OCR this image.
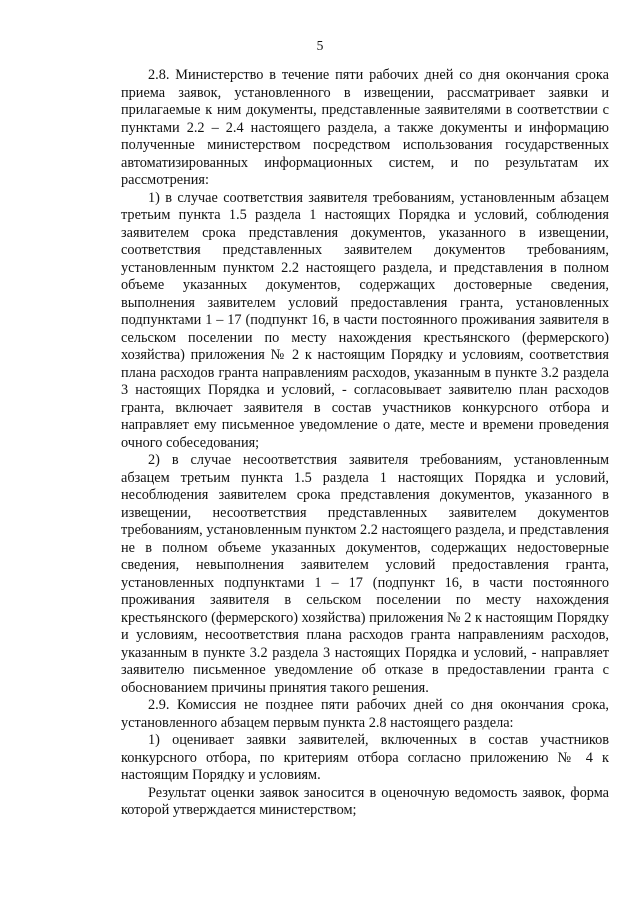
5

2.8. Министерство в течение пяти рабочих дней со дня окончания срока приема заявок, установленного в извещении, рассматривает заявки и прилагаемые к ним документы, представленные заявителями в соответствии с пунктами 2.2 – 2.4 настоящего раздела, а также документы и информацию полученные министерством посредством использования государственных автоматизированных информационных систем, и по результатам их рассмотрения:

1) в случае соответствия заявителя требованиям, установленным абзацем третьим пункта 1.5 раздела 1 настоящих Порядка и условий, соблюдения заявителем срока представления документов, указанного в извещении, соответствия представленных заявителем документов требованиям, установленным пунктом 2.2 настоящего раздела, и представления в полном объеме указанных документов, содержащих достоверные сведения, выполнения заявителем условий предоставления гранта, установленных подпунктами 1 – 17 (подпункт 16, в части постоянного проживания заявителя в сельском поселении по месту нахождения крестьянского (фермерского) хозяйства) приложения № 2 к настоящим Порядку и условиям, соответствия плана расходов гранта направлениям расходов, указанным в пункте 3.2 раздела 3 настоящих Порядка и условий, - согласовывает заявителю план расходов гранта, включает заявителя в состав участников конкурсного отбора и направляет ему письменное уведомление о дате, месте и времени проведения очного собеседования;

2) в случае несоответствия заявителя требованиям, установленным абзацем третьим пункта 1.5 раздела 1 настоящих Порядка и условий, несоблюдения заявителем срока представления документов, указанного в извещении, несоответствия представленных заявителем документов требованиям, установленным пунктом 2.2 настоящего раздела, и представления не в полном объеме указанных документов, содержащих недостоверные сведения, невыполнения заявителем условий предоставления гранта, установленных подпунктами 1 – 17 (подпункт 16, в части постоянного проживания заявителя в сельском поселении по месту нахождения крестьянского (фермерского) хозяйства) приложения № 2 к настоящим Порядку и условиям, несоответствия плана расходов гранта направлениям расходов, указанным в пункте 3.2 раздела 3 настоящих Порядка и условий, - направляет заявителю письменное уведомление об отказе в предоставлении гранта с обоснованием причины принятия такого решения.

2.9. Комиссия не позднее пяти рабочих дней со дня окончания срока, установленного абзацем первым пункта 2.8 настоящего раздела:

1) оценивает заявки заявителей, включенных в состав участников конкурсного отбора, по критериям отбора согласно приложению № 4 к настоящим Порядку и условиям.

Результат оценки заявок заносится в оценочную ведомость заявок, форма которой утверждается министерством;
